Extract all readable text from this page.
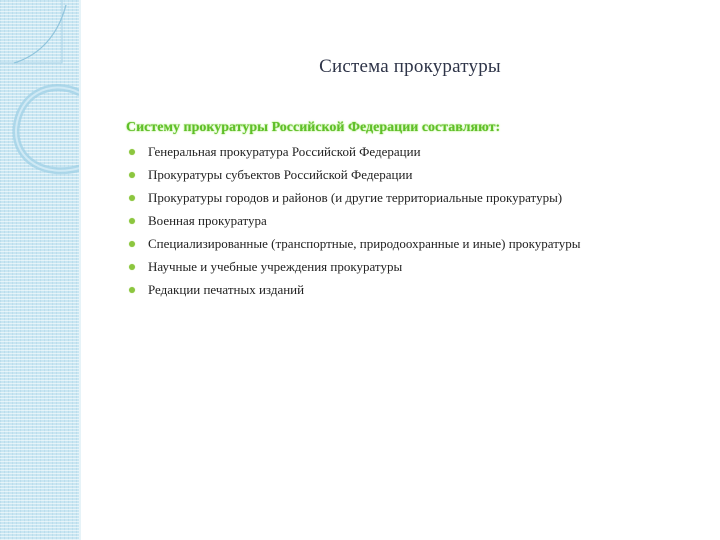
Система прокуратуры
Систему прокуратуры Российской Федерации составляют:
Генеральная прокуратура Российской Федерации
Прокуратуры субъектов Российской Федерации
Прокуратуры городов и районов (и другие территориальные прокуратуры)
Военная прокуратура
Специализированные (транспортные, природоохранные и иные) прокуратуры
Научные и учебные учреждения прокуратуры
Редакции печатных изданий
